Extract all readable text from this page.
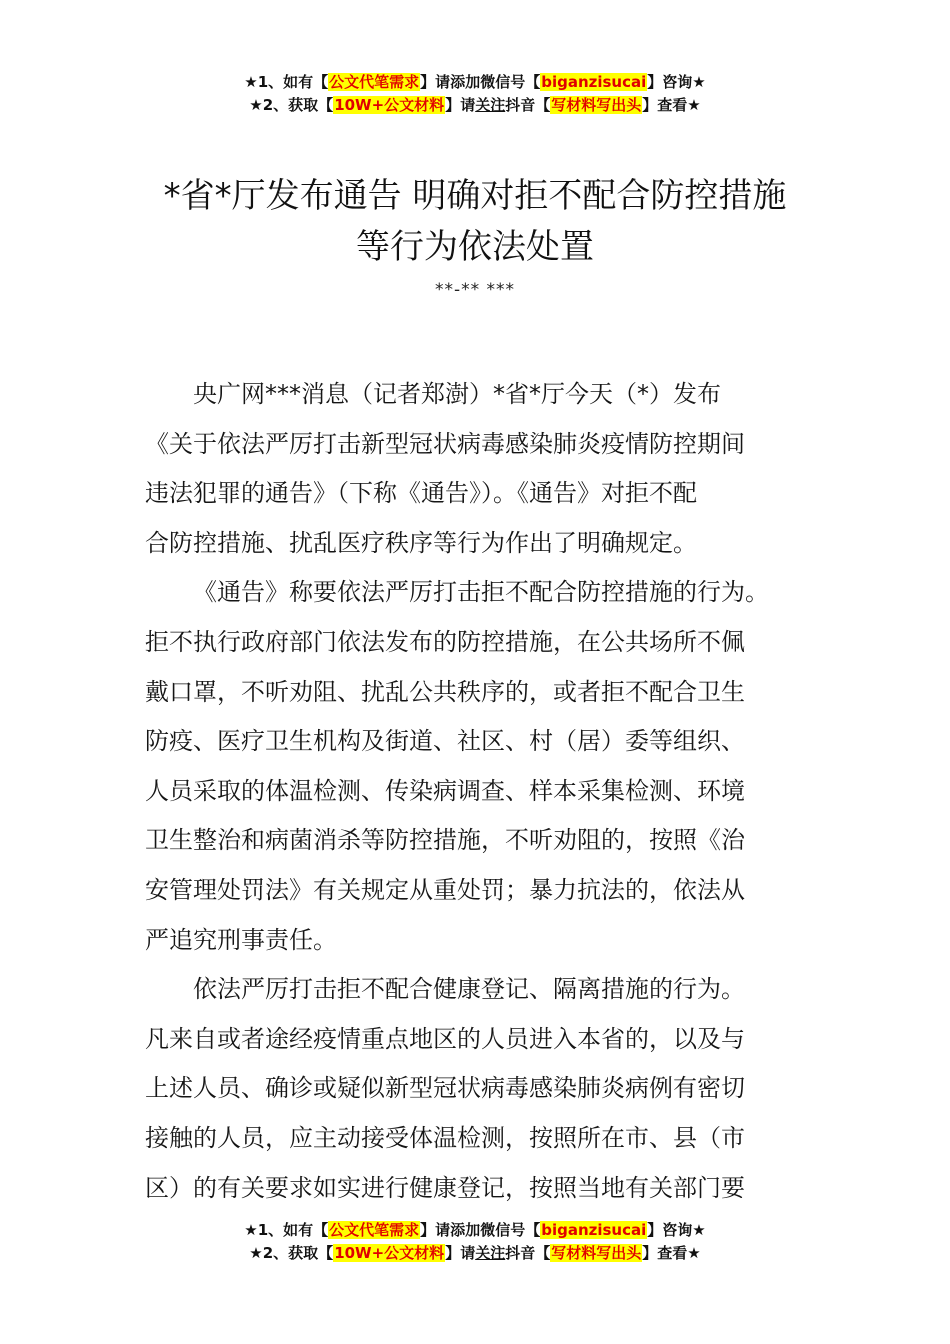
★1、如有【公文代笔需求】请添加微信号【biganzisucai】咨询★
★2、获取【10W+公文材料】请关注抖音【写材料写出头】查看★
*省*厅发布通告 明确对拒不配合防控措施
等行为依法处置
**-** ***
央广网***消息（记者郑澍）*省*厅今天（*）发布
《关于依法严厉打击新型冠状病毒感染肺炎疫情防控期间
违法犯罪的通告》（下称《通告》）。《通告》对拒不配
合防控措施、扰乱医疗秩序等行为作出了明确规定。
《通告》称要依法严厉打击拒不配合防控措施的行为。
拒不执行政府部门依法发布的防控措施，在公共场所不佩
戴口罩，不听劝阻、扰乱公共秩序的，或者拒不配合卫生
防疫、医疗卫生机构及街道、社区、村（居）委等组织、
人员采取的体温检测、传染病调查、样本采集检测、环境
卫生整治和病菌消杀等防控措施，不听劝阻的，按照《治
安管理处罚法》有关规定从重处罚；暴力抗法的，依法从
严追究刑事责任。
依法严厉打击拒不配合健康登记、隔离措施的行为。
凡来自或者途经疫情重点地区的人员进入本省的，以及与
上述人员、确诊或疑似新型冠状病毒感染肺炎病例有密切
接触的人员，应主动接受体温检测，按照所在市、县（市
区）的有关要求如实进行健康登记，按照当地有关部门要
★1、如有【公文代笔需求】请添加微信号【biganzisucai】咨询★
★2、获取【10W+公文材料】请关注抖音【写材料写出头】查看★
